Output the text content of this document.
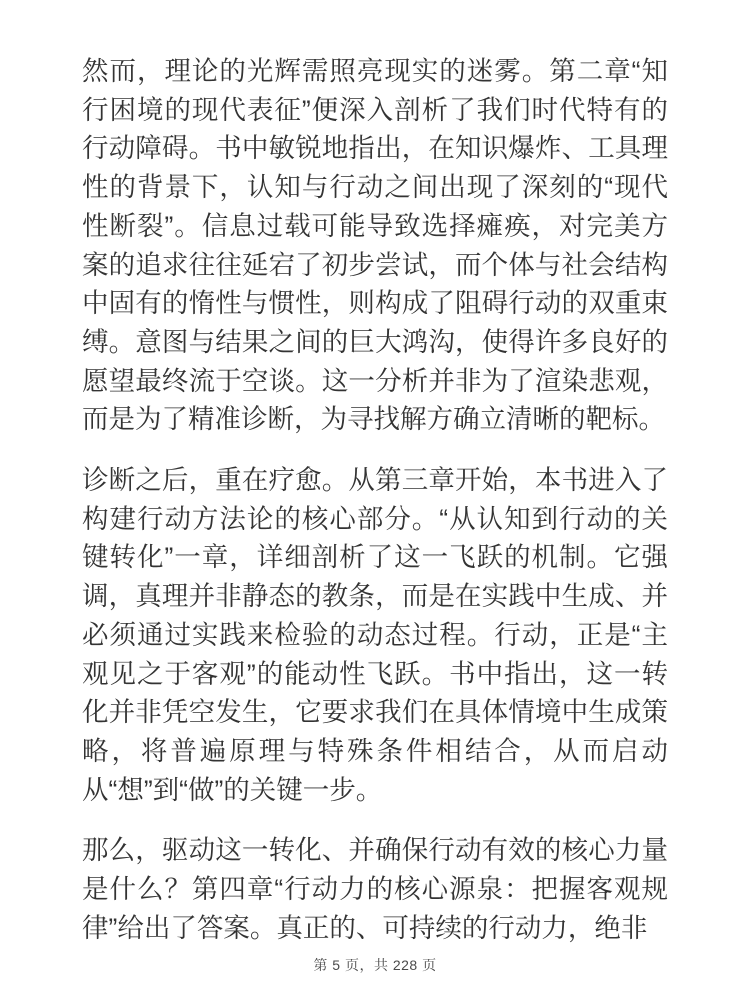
然而，理论的光辉需照亮现实的迷雾。第二章“知行困境的现代表征”便深入剖析了我们时代特有的行动障碍。书中敏锐地指出，在知识爆炸、工具理性的背景下，认知与行动之间出现了深刻的“现代性断裂”。信息过载可能导致选择瘫痪，对完美方案的追求往往延宕了初步尝试，而个体与社会结构中固有的惰性与惯性，则构成了阻碍行动的双重束缚。意图与结果之间的巨大鸿沟，使得许多良好的愿望最终流于空谈。这一分析并非为了渲染悲观，而是为了精准诊断，为寻找解方确立清晰的靶标。

诊断之后，重在疗愈。从第三章开始，本书进入了构建行动方法论的核心部分。“从认知到行动的关键转化”一章，详细剖析了这一飞跃的机制。它强调，真理并非静态的教条，而是在实践中生成、并必须通过实践来检验的动态过程。行动，正是“主观见之于客观”的能动性飞跃。书中指出，这一转化并非凭空发生，它要求我们在具体情境中生成策略，将普遍原理与特殊条件相结合，从而启动从“想”到“做”的关键一步。

那么，驱动这一转化、并确保行动有效的核心力量是什么？第四章“行动力的核心源泉：把握客观规律”给出了答案。真正的、可持续的行动力，绝非

第 5 页，共 228 页
